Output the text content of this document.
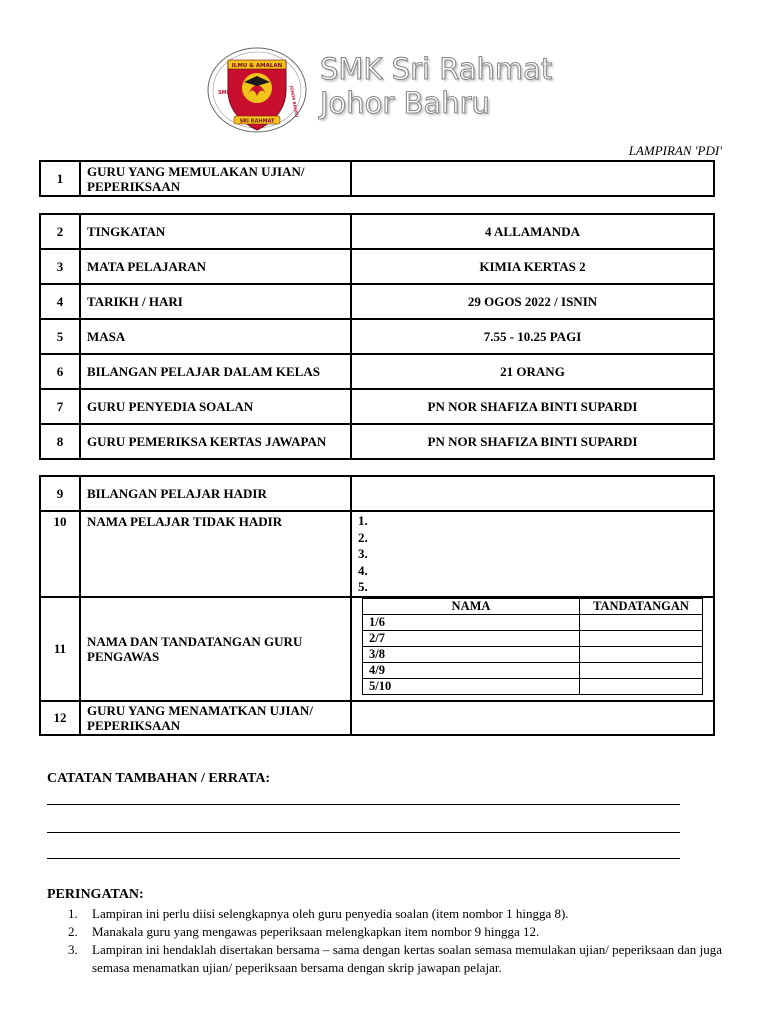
ILMU & AMALAN
SRI RAHMAT
SMK	JOHOR BAHRU
SMK Sri Rahmat
Johor Bahru
LAMPIRAN 'PDI'
1	GURU YANG MEMULAKAN UJIAN/ PEPERIKSAAN	
2	TINGKATAN	4 ALLAMANDA
3	MATA PELAJARAN	KIMIA KERTAS 2
4	TARIKH / HARI	29 OGOS 2022 / ISNIN
5	MASA	7.55 - 10.25 PAGI
6	BILANGAN PELAJAR DALAM KELAS	21 ORANG
7	GURU PENYEDIA SOALAN	PN NOR SHAFIZA BINTI SUPARDI
8	GURU PEMERIKSA KERTAS JAWAPAN	PN NOR SHAFIZA BINTI SUPARDI
9	BILANGAN PELAJAR HADIR	
10	NAMA PELAJAR TIDAK HADIR	1.
2.
3.
4.
5.

11	NAMA DAN TANDATANGAN GURU PENGAWAS	
NAMA	TANDATANGAN
1/6	
2/7	
3/8	
4/9	
5/10	

12	GURU YANG MENAMATKAN UJIAN/ PEPERIKSAAN	
CATATAN TAMBAHAN / ERRATA:
PERINGATAN:
1. Lampiran ini perlu diisi selengkapnya oleh guru penyedia soalan (item nombor 1 hingga 8).
2. Manakala guru yang mengawas peperiksaan melengkapkan item nombor 9 hingga 12.
3. Lampiran ini hendaklah disertakan bersama – sama dengan kertas soalan semasa memulakan ujian/ peperiksaan dan juga semasa menamatkan ujian/ peperiksaan bersama dengan skrip jawapan pelajar.
